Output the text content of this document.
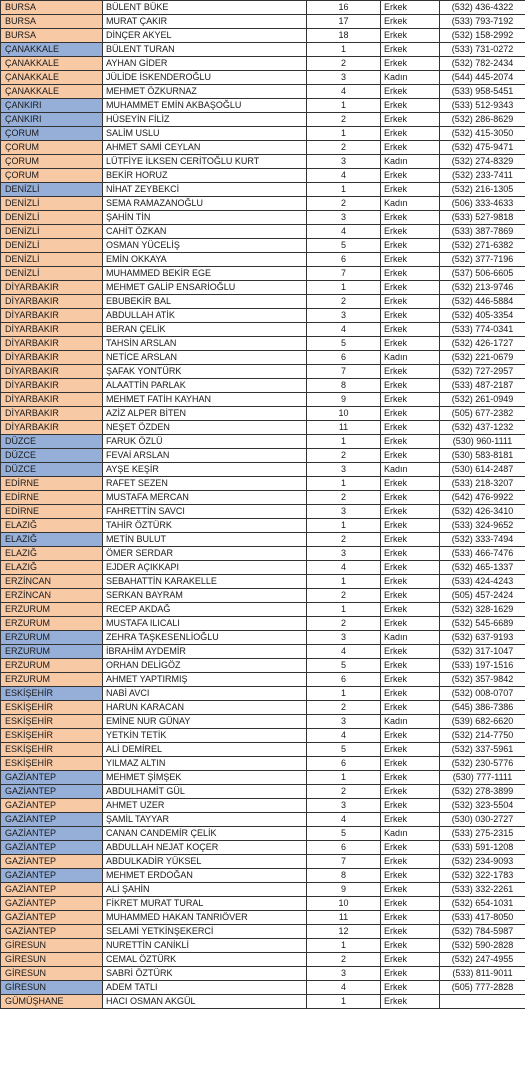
BURSA	BÜLENT BÜKE	16	Erkek	(532) 436-4322
BURSA	MURAT ÇAKIR	17	Erkek	(533) 793-7192
BURSA	DİNÇER AKYEL	18	Erkek	(532) 158-2992
ÇANAKKALE	BÜLENT TURAN	1	Erkek	(533) 731-0272
ÇANAKKALE	AYHAN GİDER	2	Erkek	(532) 782-2434
ÇANAKKALE	JÜLİDE İSKENDEROĞLU	3	Kadın	(544) 445-2074
ÇANAKKALE	MEHMET ÖZKURNAZ	4	Erkek	(533) 958-5451
ÇANKIRI	MUHAMMET EMİN AKBAŞOĞLU	1	Erkek	(533) 512-9343
ÇANKIRI	HÜSEYİN FİLİZ	2	Erkek	(532) 286-8629
ÇORUM	SALİM USLU	1	Erkek	(532) 415-3050
ÇORUM	AHMET SAMİ CEYLAN	2	Erkek	(532) 475-9471
ÇORUM	LÜTFİYE İLKSEN CERİTOĞLU KURT	3	Kadın	(532) 274-8329
ÇORUM	BEKİR HORUZ	4	Erkek	(532) 233-7411
DENİZLİ	NİHAT ZEYBEKCİ	1	Erkek	(532) 216-1305
DENİZLİ	SEMA RAMAZANOĞLU	2	Kadın	(506) 333-4633
DENİZLİ	ŞAHİN TİN	3	Erkek	(533) 527-9818
DENİZLİ	CAHİT ÖZKAN	4	Erkek	(533) 387-7869
DENİZLİ	OSMAN YÜCELİŞ	5	Erkek	(532) 271-6382
DENİZLİ	EMİN OKKAYA	6	Erkek	(532) 377-7196
DENİZLİ	MUHAMMED BEKİR EGE	7	Erkek	(537) 506-6605
DİYARBAKIR	MEHMET GALİP ENSARİOĞLU	1	Erkek	(532) 213-9746
DİYARBAKIR	EBUBEKİR BAL	2	Erkek	(532) 446-5884
DİYARBAKIR	ABDULLAH ATİK	3	Erkek	(532) 405-3354
DİYARBAKIR	BERAN ÇELİK	4	Erkek	(533) 774-0341
DİYARBAKIR	TAHSİN ARSLAN	5	Erkek	(532) 426-1727
DİYARBAKIR	NETİCE ARSLAN	6	Kadın	(532) 221-0679
DİYARBAKIR	ŞAFAK YONTÜRK	7	Erkek	(532) 727-2957
DİYARBAKIR	ALAATTİN PARLAK	8	Erkek	(533) 487-2187
DİYARBAKIR	MEHMET FATİH KAYHAN	9	Erkek	(532) 261-0949
DİYARBAKIR	AZİZ ALPER BİTEN	10	Erkek	(505) 677-2382
DİYARBAKIR	NEŞET ÖZDEN	11	Erkek	(532) 437-1232
DÜZCE	FARUK ÖZLÜ	1	Erkek	(530) 960-1111
DÜZCE	FEVAİ ARSLAN	2	Erkek	(530) 583-8181
DÜZCE	AYŞE KEŞİR	3	Kadın	(530) 614-2487
EDİRNE	RAFET SEZEN	1	Erkek	(533) 218-3207
EDİRNE	MUSTAFA MERCAN	2	Erkek	(542) 476-9922
EDİRNE	FAHRETTİN SAVCI	3	Erkek	(532) 426-3410
ELAZIĞ	TAHİR ÖZTÜRK	1	Erkek	(533) 324-9652
ELAZIĞ	METİN BULUT	2	Erkek	(532) 333-7494
ELAZIĞ	ÖMER SERDAR	3	Erkek	(533) 466-7476
ELAZIĞ	EJDER AÇIKKAPI	4	Erkek	(532) 465-1337
ERZİNCAN	SEBAHATTİN KARAKELLE	1	Erkek	(533) 424-4243
ERZİNCAN	SERKAN BAYRAM	2	Erkek	(505) 457-2424
ERZURUM	RECEP AKDAĞ	1	Erkek	(532) 328-1629
ERZURUM	MUSTAFA ILICALI	2	Erkek	(532) 545-6689
ERZURUM	ZEHRA TAŞKESENLİOĞLU	3	Kadın	(532) 637-9193
ERZURUM	İBRAHİM AYDEMİR	4	Erkek	(532) 317-1047
ERZURUM	ORHAN DELİGÖZ	5	Erkek	(533) 197-1516
ERZURUM	AHMET YAPTIRMIŞ	6	Erkek	(532) 357-9842
ESKİŞEHİR	NABİ AVCI	1	Erkek	(532) 008-0707
ESKİŞEHİR	HARUN KARACAN	2	Erkek	(545) 386-7386
ESKİŞEHİR	EMİNE NUR GÜNAY	3	Kadın	(539) 682-6620
ESKİŞEHİR	YETKİN TETİK	4	Erkek	(532) 214-7750
ESKİŞEHİR	ALİ DEMİREL	5	Erkek	(532) 337-5961
ESKİŞEHİR	YILMAZ ALTIN	6	Erkek	(532) 230-5776
GAZİANTEP	MEHMET ŞİMŞEK	1	Erkek	(530) 777-1111
GAZİANTEP	ABDULHAMİT GÜL	2	Erkek	(532) 278-3899
GAZİANTEP	AHMET UZER	3	Erkek	(532) 323-5504
GAZİANTEP	ŞAMİL TAYYAR	4	Erkek	(530) 030-2727
GAZİANTEP	CANAN CANDEMİR ÇELİK	5	Kadın	(533) 275-2315
GAZİANTEP	ABDULLAH NEJAT KOÇER	6	Erkek	(533) 591-1208
GAZİANTEP	ABDULKADİR YÜKSEL	7	Erkek	(532) 234-9093
GAZİANTEP	MEHMET ERDOĞAN	8	Erkek	(532) 322-1783
GAZİANTEP	ALİ ŞAHİN	9	Erkek	(533) 332-2261
GAZİANTEP	FİKRET MURAT TURAL	10	Erkek	(532) 654-1031
GAZİANTEP	MUHAMMED HAKAN TANRIÖVER	11	Erkek	(533) 417-8050
GAZİANTEP	SELAMİ YETKİNŞEKERCİ	12	Erkek	(532) 784-5987
GİRESUN	NURETTİN CANİKLİ	1	Erkek	(532) 590-2828
GİRESUN	CEMAL ÖZTÜRK	2	Erkek	(532) 247-4955
GİRESUN	SABRİ ÖZTÜRK	3	Erkek	(533) 811-9011
GİRESUN	ADEM TATLI	4	Erkek	(505) 777-2828
GÜMÜŞHANE	HACI OSMAN AKGÜL	1	Erkek	
